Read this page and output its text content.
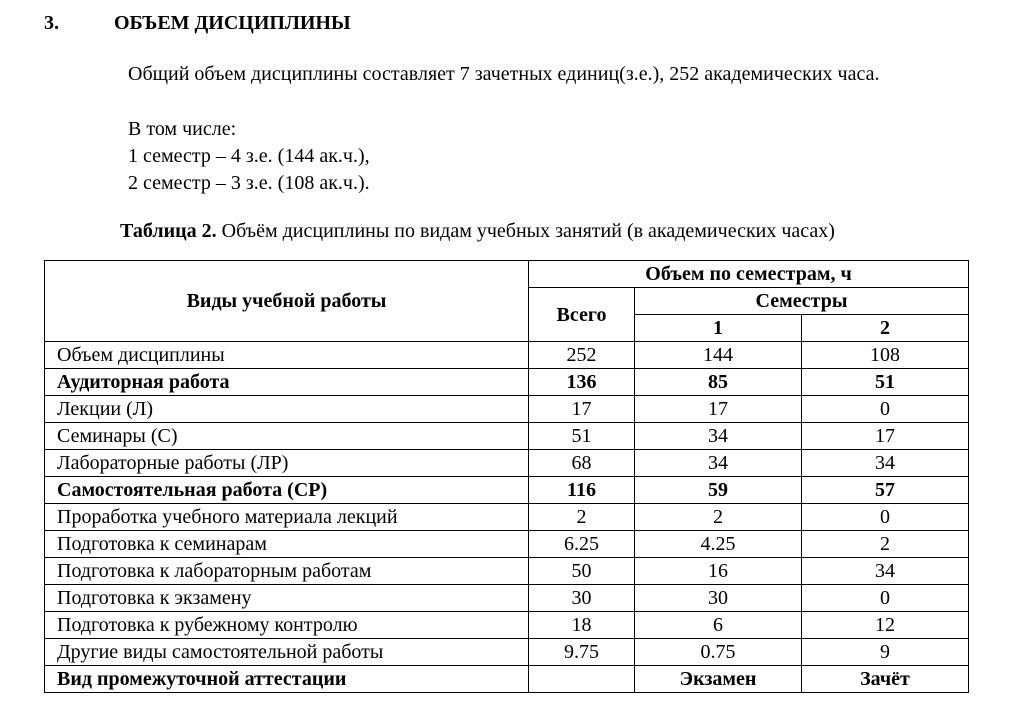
3.	ОБЪЕМ ДИСЦИПЛИНЫ
Общий объем дисциплины составляет 7 зачетных единиц(з.е.), 252 академических часа.
В том числе:
1 семестр – 4 з.е. (144 ак.ч.),
2 семестр – 3 з.е. (108 ак.ч.).
Таблица 2. Объём дисциплины по видам учебных занятий (в академических часах)
Виды учебной работы	Объем по семестрам, ч		
	Всего	Семестры	
		1	2
Объем дисциплины	252	144	108
Аудиторная работа	136	85	51
Лекции (Л)	17	17	0
Семинары (С)	51	34	17
Лабораторные работы (ЛР)	68	34	34
Самостоятельная работа (СР)	116	59	57
Проработка учебного материала лекций	2	2	0
Подготовка к семинарам	6.25	4.25	2
Подготовка к лабораторным работам	50	16	34
Подготовка к экзамену	30	30	0
Подготовка к рубежному контролю	18	6	12
Другие виды самостоятельной работы	9.75	0.75	9
Вид промежуточной аттестации		Экзамен	Зачёт
